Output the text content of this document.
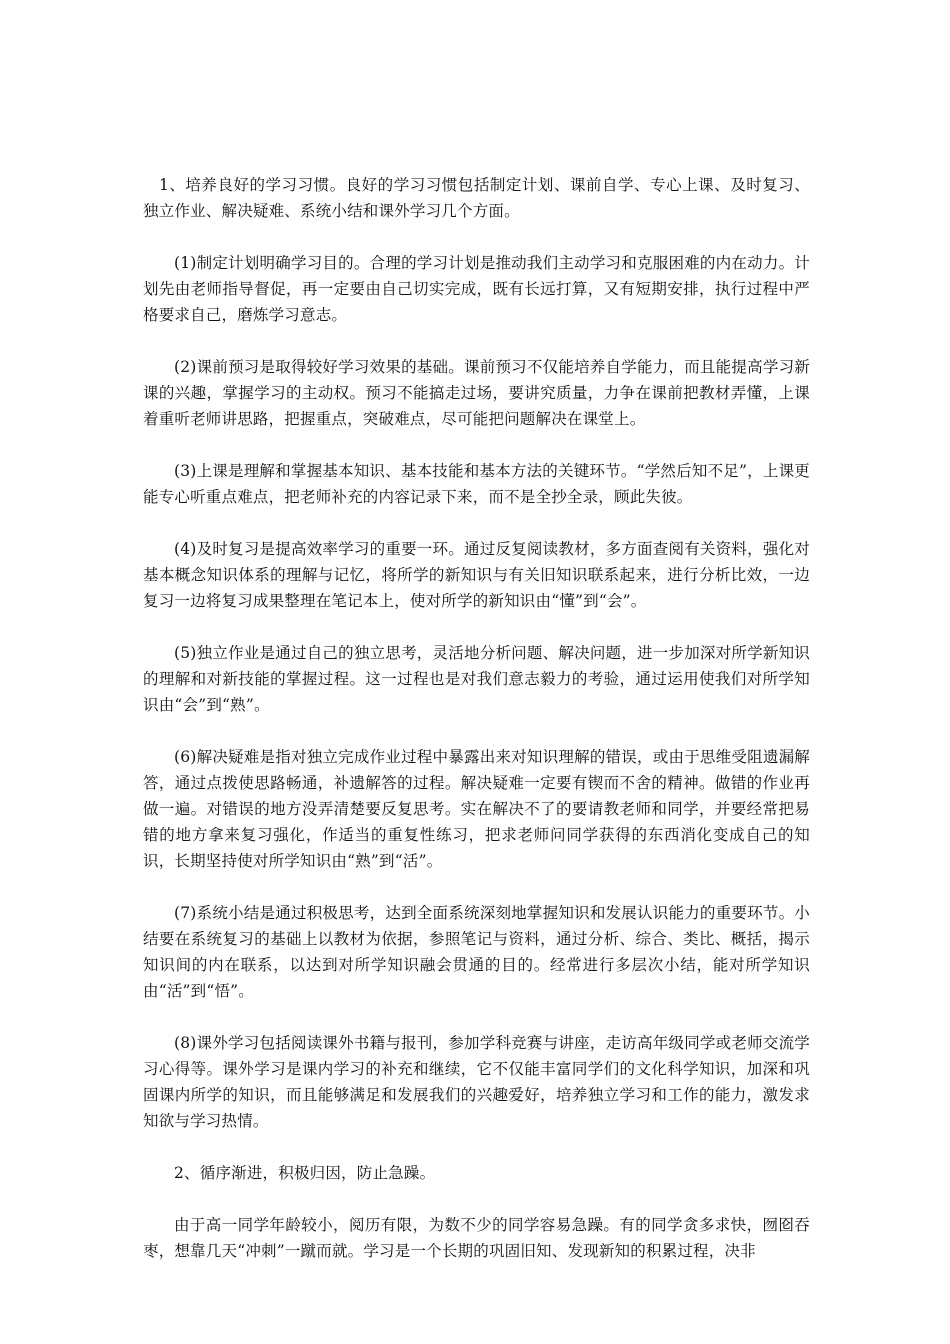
1、培养良好的学习习惯。良好的学习习惯包括制定计划、课前自学、专心上课、及时复习、独立作业、解决疑难、系统小结和课外学习几个方面。

(1)制定计划明确学习目的。合理的学习计划是推动我们主动学习和克服困难的内在动力。计划先由老师指导督促，再一定要由自己切实完成，既有长远打算，又有短期安排，执行过程中严格要求自己，磨炼学习意志。

(2)课前预习是取得较好学习效果的基础。课前预习不仅能培养自学能力，而且能提高学习新课的兴趣，掌握学习的主动权。预习不能搞走过场，要讲究质量，力争在课前把教材弄懂，上课着重听老师讲思路，把握重点，突破难点，尽可能把问题解决在课堂上。

(3)上课是理解和掌握基本知识、基本技能和基本方法的关键环节。“学然后知不足”，上课更能专心听重点难点，把老师补充的内容记录下来，而不是全抄全录，顾此失彼。

(4)及时复习是提高效率学习的重要一环。通过反复阅读教材，多方面查阅有关资料，强化对基本概念知识体系的理解与记忆，将所学的新知识与有关旧知识联系起来，进行分析比效，一边复习一边将复习成果整理在笔记本上，使对所学的新知识由“懂”到“会”。

(5)独立作业是通过自己的独立思考，灵活地分析问题、解决问题，进一步加深对所学新知识的理解和对新技能的掌握过程。这一过程也是对我们意志毅力的考验，通过运用使我们对所学知识由“会”到“熟”。

(6)解决疑难是指对独立完成作业过程中暴露出来对知识理解的错误，或由于思维受阻遗漏解答，通过点拨使思路畅通，补遗解答的过程。解决疑难一定要有锲而不舍的精神。做错的作业再做一遍。对错误的地方没弄清楚要反复思考。实在解决不了的要请教老师和同学，并要经常把易错的地方拿来复习强化，作适当的重复性练习，把求老师问同学获得的东西消化变成自己的知识，长期坚持使对所学知识由“熟”到“活”。

(7)系统小结是通过积极思考，达到全面系统深刻地掌握知识和发展认识能力的重要环节。小结要在系统复习的基础上以教材为依据，参照笔记与资料，通过分析、综合、类比、概括，揭示知识间的内在联系，以达到对所学知识融会贯通的目的。经常进行多层次小结，能对所学知识由“活”到“悟”。

(8)课外学习包括阅读课外书籍与报刊，参加学科竞赛与讲座，走访高年级同学或老师交流学习心得等。课外学习是课内学习的补充和继续，它不仅能丰富同学们的文化科学知识，加深和巩固课内所学的知识，而且能够满足和发展我们的兴趣爱好，培养独立学习和工作的能力，激发求知欲与学习热情。

2、循序渐进，积极归因，防止急躁。

由于高一同学年龄较小，阅历有限，为数不少的同学容易急躁。有的同学贪多求快，囫囵吞枣，想靠几天“冲刺”一蹴而就。学习是一个长期的巩固旧知、发现新知的积累过程，决非
